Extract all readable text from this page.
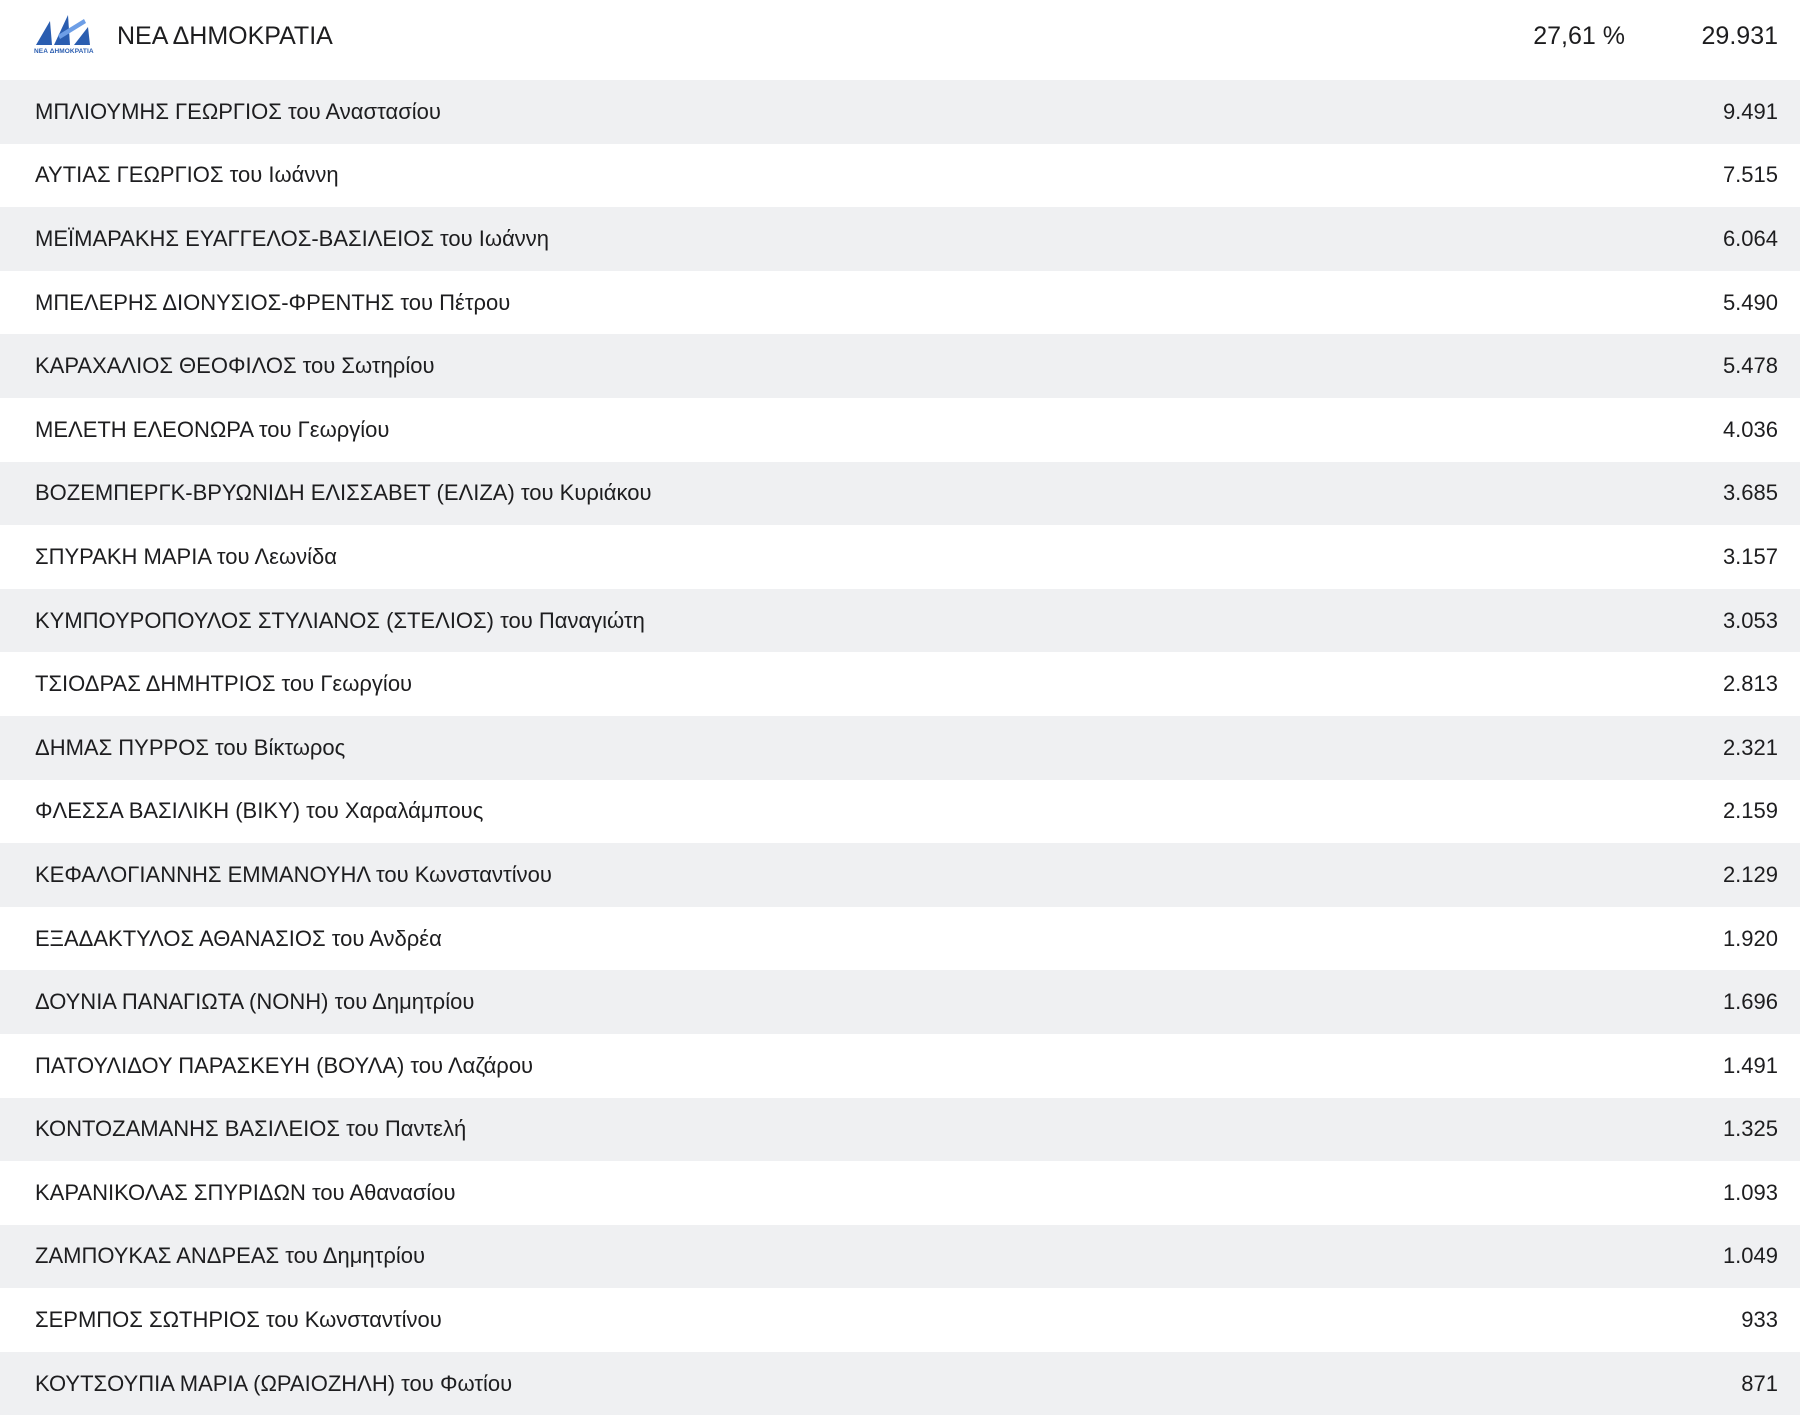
ΝΕΑ ΔΗΜΟΚΡΑΤΙΑ
ΝΕΑ ΔΗΜΟΚΡΑΤΙΑ	27,61 %	29.931
ΜΠΛΙΟΥΜΗΣ ΓΕΩΡΓΙΟΣ του Αναστασίου	9.491
ΑΥΤΙΑΣ ΓΕΩΡΓΙΟΣ του Ιωάννη	7.515
ΜΕΪΜΑΡΑΚΗΣ ΕΥΑΓΓΕΛΟΣ-ΒΑΣΙΛΕΙΟΣ του Ιωάννη	6.064
ΜΠΕΛΕΡΗΣ ΔΙΟΝΥΣΙΟΣ-ΦΡΕΝΤΗΣ του Πέτρου	5.490
ΚΑΡΑΧΑΛΙΟΣ ΘΕΟΦΙΛΟΣ του Σωτηρίου	5.478
ΜΕΛΕΤΗ ΕΛΕΟΝΩΡΑ του Γεωργίου	4.036
ΒΟΖΕΜΠΕΡΓΚ-ΒΡΥΩΝΙΔΗ ΕΛΙΣΣΑΒΕΤ (ΕΛΙΖΑ) του Κυριάκου	3.685
ΣΠΥΡΑΚΗ ΜΑΡΙΑ του Λεωνίδα	3.157
ΚΥΜΠΟΥΡΟΠΟΥΛΟΣ ΣΤΥΛΙΑΝΟΣ (ΣΤΕΛΙΟΣ) του Παναγιώτη	3.053
ΤΣΙΟΔΡΑΣ ΔΗΜΗΤΡΙΟΣ του Γεωργίου	2.813
ΔΗΜΑΣ ΠΥΡΡΟΣ του Βίκτωρος	2.321
ΦΛΕΣΣΑ ΒΑΣΙΛΙΚΗ (ΒΙΚΥ) του Χαραλάμπους	2.159
ΚΕΦΑΛΟΓΙΑΝΝΗΣ ΕΜΜΑΝΟΥΗΛ του Κωνσταντίνου	2.129
ΕΞΑΔΑΚΤΥΛΟΣ ΑΘΑΝΑΣΙΟΣ του Ανδρέα	1.920
ΔΟΥΝΙΑ ΠΑΝΑΓΙΩΤΑ (ΝΟΝΗ) του Δημητρίου	1.696
ΠΑΤΟΥΛΙΔΟΥ ΠΑΡΑΣΚΕΥΗ (ΒΟΥΛΑ) του Λαζάρου	1.491
ΚΟΝΤΟΖΑΜΑΝΗΣ ΒΑΣΙΛΕΙΟΣ του Παντελή	1.325
ΚΑΡΑΝΙΚΟΛΑΣ ΣΠΥΡΙΔΩΝ του Αθανασίου	1.093
ΖΑΜΠΟΥΚΑΣ ΑΝΔΡΕΑΣ του Δημητρίου	1.049
ΣΕΡΜΠΟΣ ΣΩΤΗΡΙΟΣ του Κωνσταντίνου	933
ΚΟΥΤΣΟΥΠΙΑ ΜΑΡΙΑ (ΩΡΑΙΟΖΗΛΗ) του Φωτίου	871
